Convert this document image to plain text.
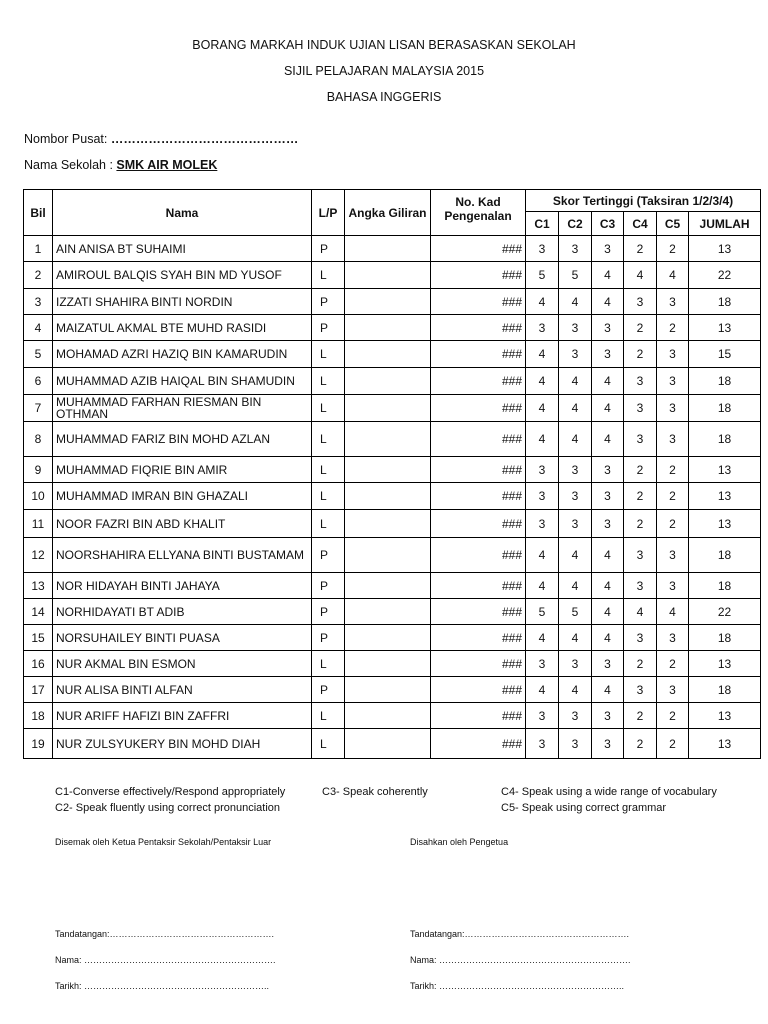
BORANG MARKAH INDUK UJIAN LISAN BERASASKAN SEKOLAH
SIJIL PELAJARAN MALAYSIA 2015
BAHASA INGGERIS
Nombor Pusat: ………………………………………
Nama Sekolah : SMK AIR MOLEK
Bil	Nama	L/P	Angka Giliran	No. Kad Pengenalan	Skor Tertinggi (Taksiran 1/2/3/4)					
					C1	C2	C3	C4	C5	JUMLAH
1	AIN ANISA BT SUHAIMI	P		###	3	3	3	2	2	13
2	AMIROUL BALQIS SYAH BIN MD YUSOF	L		###	5	5	4	4	4	22
3	IZZATI SHAHIRA BINTI NORDIN	P		###	4	4	4	3	3	18
4	MAIZATUL AKMAL BTE MUHD RASIDI	P		###	3	3	3	2	2	13
5	MOHAMAD AZRI HAZIQ BIN KAMARUDIN	L		###	4	3	3	2	3	15
6	MUHAMMAD AZIB HAIQAL BIN SHAMUDIN	L		###	4	4	4	3	3	18
7	MUHAMMAD FARHAN RIESMAN BIN OTHMAN	L		###	4	4	4	3	3	18
8	MUHAMMAD FARIZ BIN MOHD AZLAN	L		###	4	4	4	3	3	18
9	MUHAMMAD FIQRIE BIN AMIR	L		###	3	3	3	2	2	13
10	MUHAMMAD IMRAN BIN GHAZALI	L		###	3	3	3	2	2	13
11	NOOR FAZRI BIN ABD KHALIT	L		###	3	3	3	2	2	13
12	NOORSHAHIRA ELLYANA BINTI BUSTAMAM	P		###	4	4	4	3	3	18
13	NOR HIDAYAH BINTI JAHAYA	P		###	4	4	4	3	3	18
14	NORHIDAYATI BT ADIB	P		###	5	5	4	4	4	22
15	NORSUHAILEY BINTI PUASA	P		###	4	4	4	3	3	18
16	NUR AKMAL BIN ESMON	L		###	3	3	3	2	2	13
17	NUR ALISA BINTI ALFAN	P		###	4	4	4	3	3	18
18	NUR ARIFF HAFIZI BIN ZAFFRI	L		###	3	3	3	2	2	13
19	NUR ZULSYUKERY BIN MOHD DIAH	L		###	3	3	3	2	2	13
C1-Converse effectively/Respond appropriately
C2- Speak fluently using correct pronunciation
C3- Speak coherently	C4- Speak using a wide range of vocabulary
C5- Speak using correct grammar
Disemak oleh Ketua Pentaksir Sekolah/Pentaksir Luar	Disahkan oleh Pengetua
Tandatangan:……………………………………………….
Nama: ……………………………………………………….
Tarikh: ……………………………………………………..
Tandatangan:……………………………………………….
Nama: ……………………………………………………….
Tarikh: ……………………………………………………..
